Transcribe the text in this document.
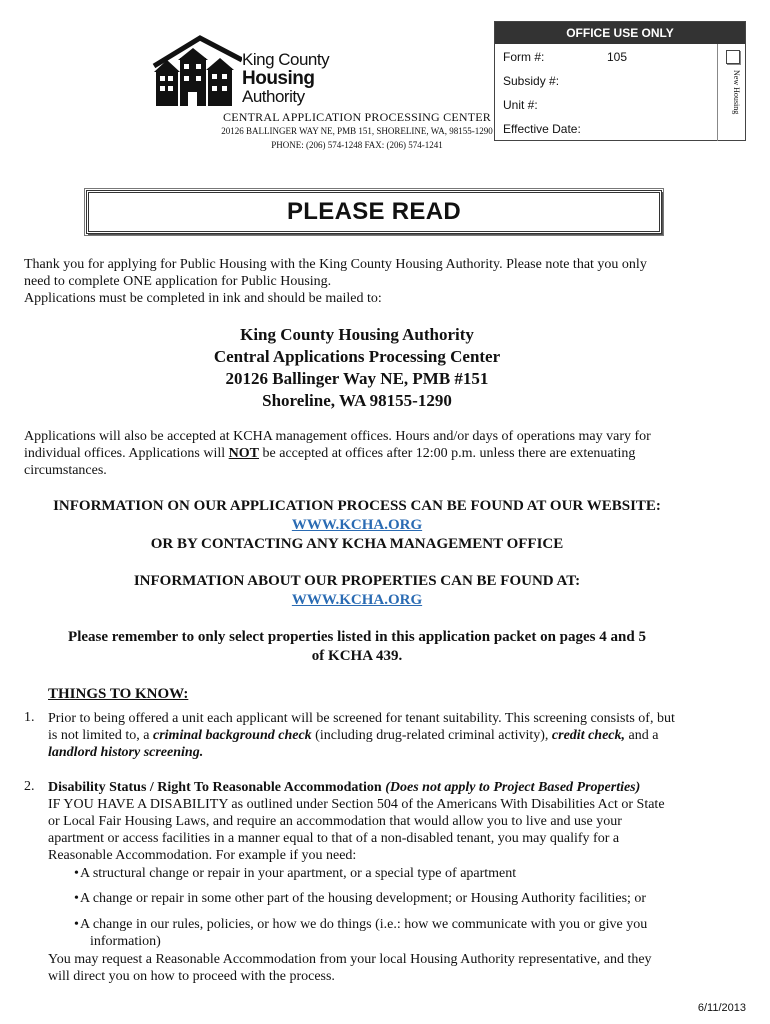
King County
Housing
Authority
CENTRAL APPLICATION PROCESSING CENTER
20126 BALLINGER WAY NE, PMB 151, SHORELINE, WA, 98155-1290
PHONE: (206) 574-1248 FAX: (206) 574-1241
OFFICE USE ONLY
Form #:	105
Subsidy #:
Unit #:
Effective Date:
New Housing
PLEASE READ
Thank you for applying for Public Housing with the King County Housing Authority. Please note that you only
need to complete ONE application for Public Housing.
Applications must be completed in ink and should be mailed to:
King County Housing Authority
Central Applications Processing Center
20126 Ballinger Way NE, PMB #151
Shoreline, WA 98155-1290
Applications will also be accepted at KCHA management offices. Hours and/or days of operations may vary for
individual offices. Applications will NOT be accepted at offices after 12:00 p.m. unless there are extenuating
circumstances.
INFORMATION ON OUR APPLICATION PROCESS CAN BE FOUND AT OUR WEBSITE:
WWW.KCHA.ORG
OR BY CONTACTING ANY KCHA MANAGEMENT OFFICE
INFORMATION ABOUT OUR PROPERTIES CAN BE FOUND AT:
WWW.KCHA.ORG
Please remember to only select properties listed in this application packet on pages 4 and 5
of KCHA 439.
THINGS TO KNOW:
1. Prior to being offered a unit each applicant will be screened for tenant suitability. This screening consists of, but
is not limited to, a criminal background check (including drug-related criminal activity), credit check, and a
landlord history screening.
2. Disability Status / Right To Reasonable Accommodation (Does not apply to Project Based Properties)
IF YOU HAVE A DISABILITY as outlined under Section 504 of the Americans With Disabilities Act or State
or Local Fair Housing Laws, and require an accommodation that would allow you to live and use your
apartment or access facilities in a manner equal to that of a non-disabled tenant, you may qualify for a
Reasonable Accommodation. For example if you need:
• A structural change or repair in your apartment, or a special type of apartment
• A change or repair in some other part of the housing development; or Housing Authority facilities; or
• A change in our rules, policies, or how we do things (i.e.: how we communicate with you or give you
information)
You may request a Reasonable Accommodation from your local Housing Authority representative, and they
will direct you on how to proceed with the process.
6/11/2013
